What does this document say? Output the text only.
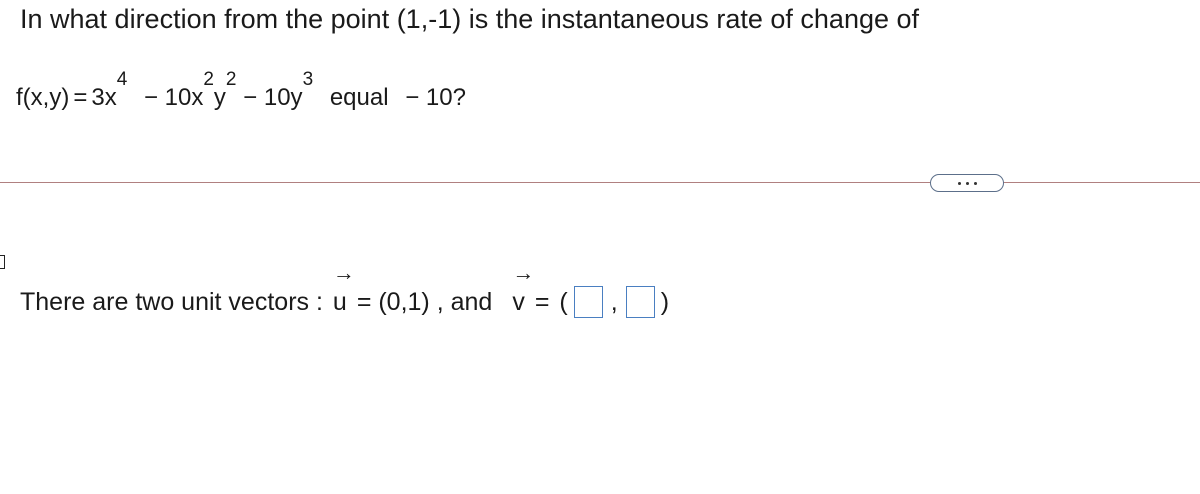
In what direction from the point (1,-1) is the instantaneous rate of change of
$f(x,y) = 3x^4 - 10x^2y^2 - 10y^3$ equal − 10?
There are two unit vectors :
→
u = (0,1) , and
→
v = ( , )
